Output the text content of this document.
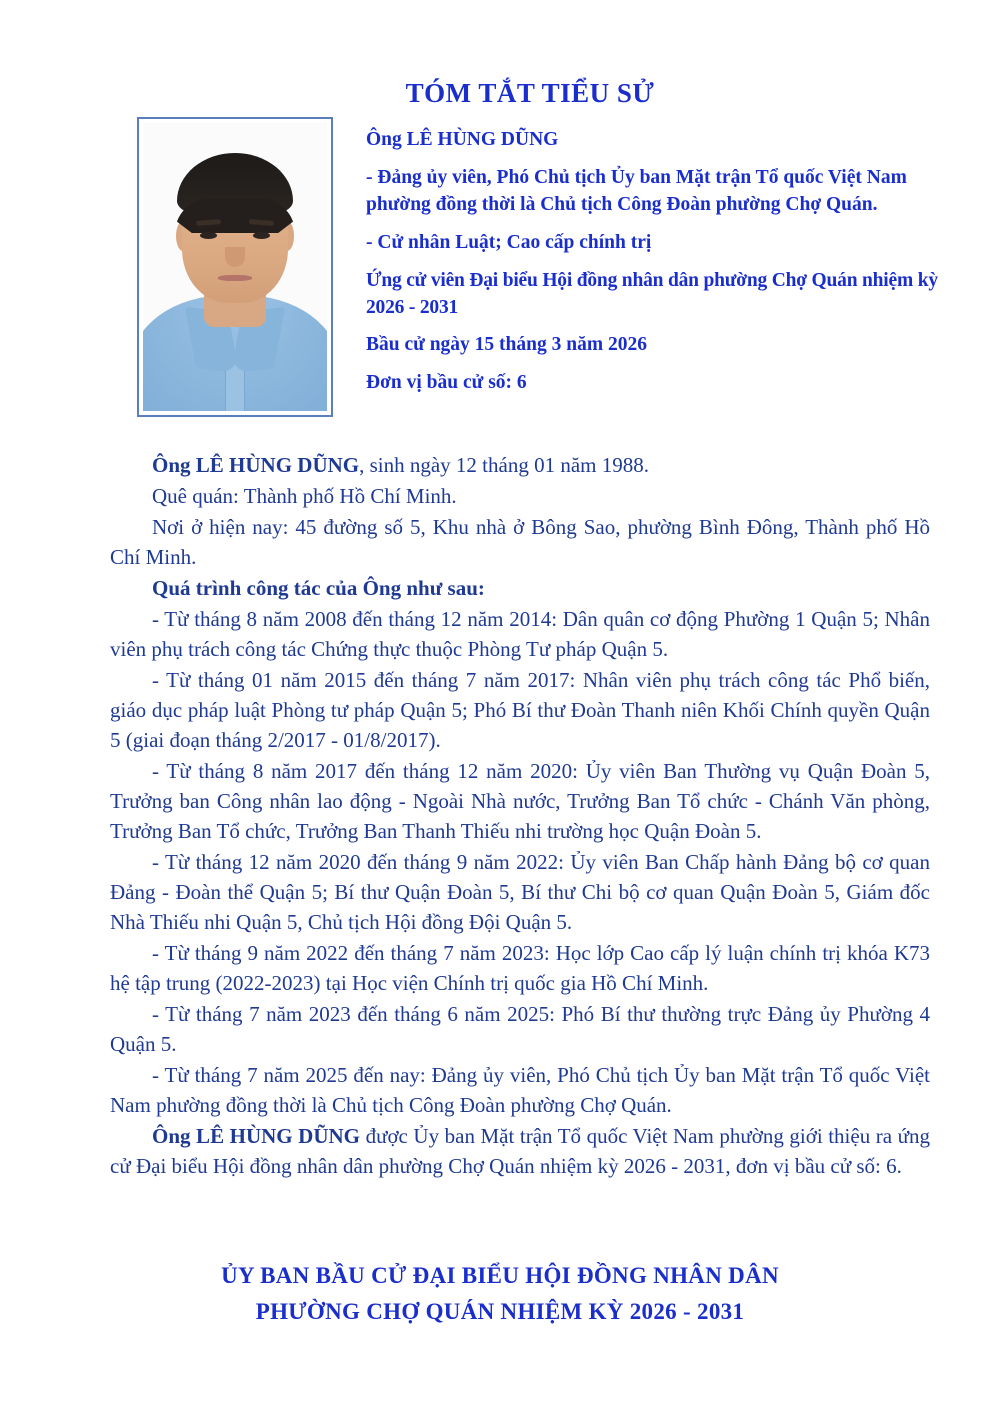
TÓM TẮT TIỂU SỬ
Ông LÊ HÙNG DŨNG
- Đảng ủy viên, Phó Chủ tịch Ủy ban Mặt trận Tổ quốc Việt Nam phường đồng thời là Chủ tịch Công Đoàn phường Chợ Quán.
- Cử nhân Luật; Cao cấp chính trị
Ứng cử viên Đại biểu Hội đồng nhân dân phường Chợ Quán nhiệm kỳ 2026 - 2031
Bầu cử ngày 15 tháng 3 năm 2026
Đơn vị bầu cử số: 6

Ông LÊ HÙNG DŨNG, sinh ngày 12 tháng 01 năm 1988.

Quê quán: Thành phố Hồ Chí Minh.

Nơi ở hiện nay: 45 đường số 5, Khu nhà ở Bông Sao, phường Bình Đông, Thành phố Hồ Chí Minh.

Quá trình công tác của Ông như sau:

- Từ tháng 8 năm 2008 đến tháng 12 năm 2014: Dân quân cơ động Phường 1 Quận 5; Nhân viên phụ trách công tác Chứng thực thuộc Phòng Tư pháp Quận 5.

- Từ tháng 01 năm 2015 đến tháng 7 năm 2017: Nhân viên phụ trách công tác Phổ biến, giáo dục pháp luật Phòng tư pháp Quận 5; Phó Bí thư Đoàn Thanh niên Khối Chính quyền Quận 5 (giai đoạn tháng 2/2017 - 01/8/2017).

- Từ tháng 8 năm 2017 đến tháng 12 năm 2020: Ủy viên Ban Thường vụ Quận Đoàn 5, Trưởng ban Công nhân lao động - Ngoài Nhà nước, Trưởng Ban Tổ chức - Chánh Văn phòng, Trưởng Ban Tổ chức, Trưởng Ban Thanh Thiếu nhi trường học Quận Đoàn 5.

- Từ tháng 12 năm 2020 đến tháng 9 năm 2022: Ủy viên Ban Chấp hành Đảng bộ cơ quan Đảng - Đoàn thể Quận 5; Bí thư Quận Đoàn 5, Bí thư Chi bộ cơ quan Quận Đoàn 5, Giám đốc Nhà Thiếu nhi Quận 5, Chủ tịch Hội đồng Đội Quận 5.

- Từ tháng 9 năm 2022 đến tháng 7 năm 2023: Học lớp Cao cấp lý luận chính trị khóa K73 hệ tập trung (2022-2023) tại Học viện Chính trị quốc gia Hồ Chí Minh.

- Từ tháng 7 năm 2023 đến tháng 6 năm 2025: Phó Bí thư thường trực Đảng ủy Phường 4 Quận 5.

- Từ tháng 7 năm 2025 đến nay: Đảng ủy viên, Phó Chủ tịch Ủy ban Mặt trận Tổ quốc Việt Nam phường đồng thời là Chủ tịch Công Đoàn phường Chợ Quán.

Ông LÊ HÙNG DŨNG được Ủy ban Mặt trận Tổ quốc Việt Nam phường giới thiệu ra ứng cử Đại biểu Hội đồng nhân dân phường Chợ Quán nhiệm kỳ 2026 - 2031, đơn vị bầu cử số: 6.

ỦY BAN BẦU CỬ ĐẠI BIỂU HỘI ĐỒNG NHÂN DÂN
PHƯỜNG CHỢ QUÁN NHIỆM KỲ 2026 - 2031
